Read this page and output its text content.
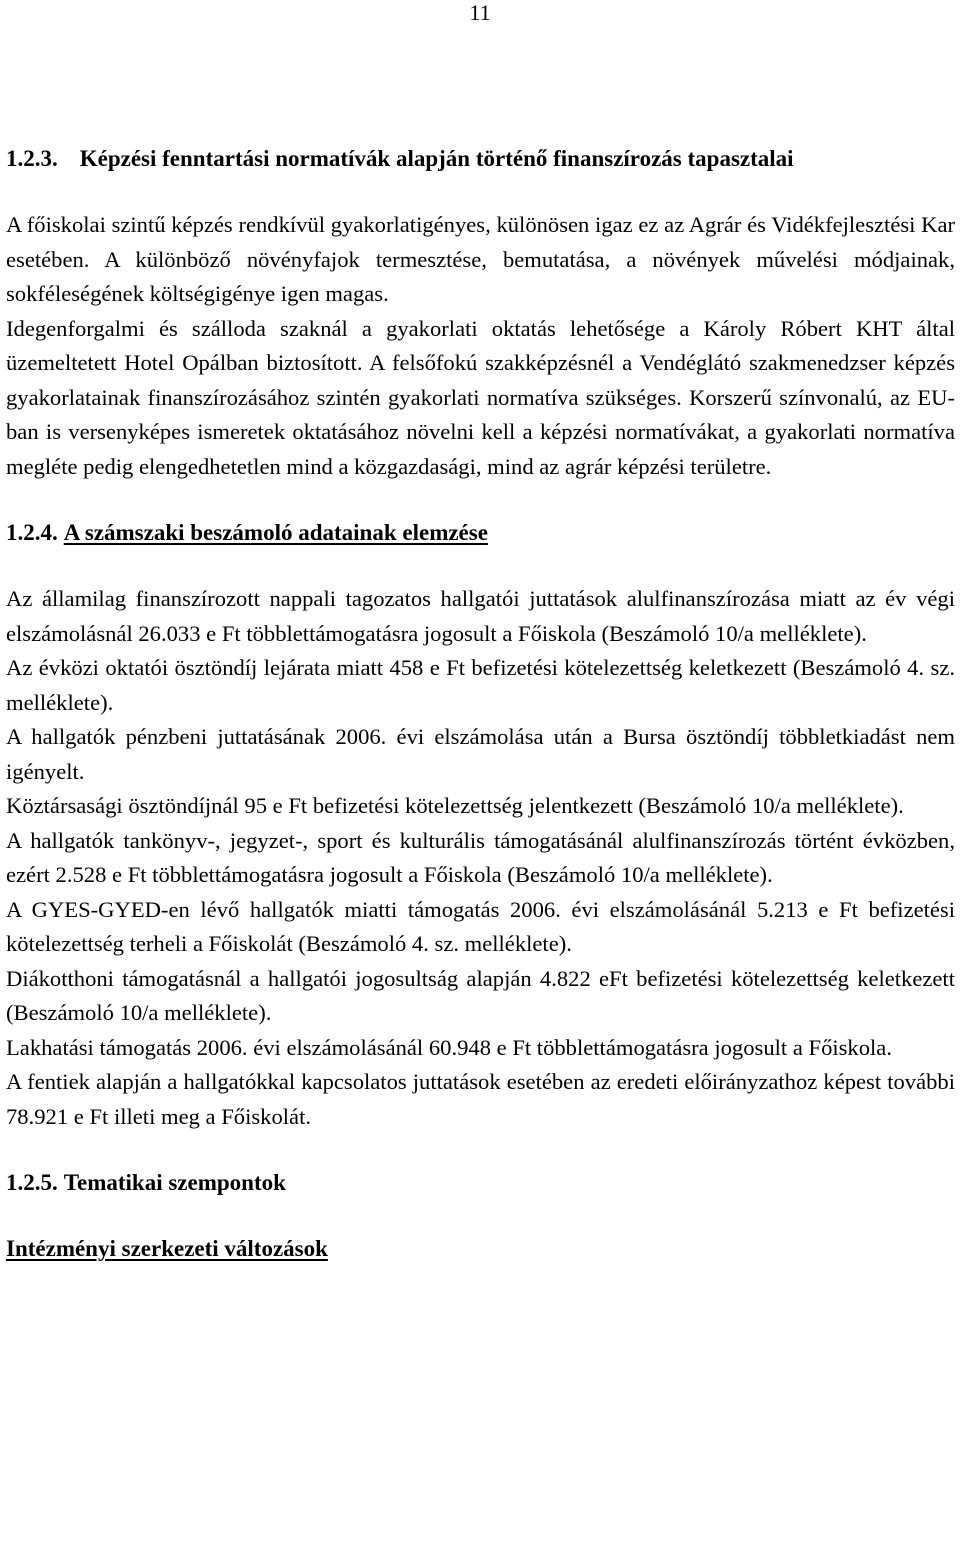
11
1.2.3. Képzési fenntartási normatívák alapján történő finanszírozás tapasztalai

A főiskolai szintű képzés rendkívül gyakorlatigényes, különösen igaz ez az Agrár és Vidékfejlesztési Kar esetében. A különböző növényfajok termesztése, bemutatása, a növények művelési módjainak, sokféleségének költségigénye igen magas.

Idegenforgalmi és szálloda szaknál a gyakorlati oktatás lehetősége a Károly Róbert KHT által üzemeltetett Hotel Opálban biztosított. A felsőfokú szakképzésnél a Vendéglátó szakmenedzser képzés gyakorlatainak finanszírozásához szintén gyakorlati normatíva szükséges. Korszerű színvonalú, az EU-ban is versenyképes ismeretek oktatásához növelni kell a képzési normatívákat, a gyakorlati normatíva megléte pedig elengedhetetlen mind a közgazdasági, mind az agrár képzési területre.

1.2.4. A számszaki beszámoló adatainak elemzése

Az államilag finanszírozott nappali tagozatos hallgatói juttatások alulfinanszírozása miatt az év végi elszámolásnál 26.033 e Ft többlettámogatásra jogosult a Főiskola (Beszámoló 10/a melléklete).

Az évközi oktatói ösztöndíj lejárata miatt 458 e Ft befizetési kötelezettség keletkezett (Beszámoló 4. sz. melléklete).

A hallgatók pénzbeni juttatásának 2006. évi elszámolása után a Bursa ösztöndíj többletkiadást nem igényelt.

Köztársasági ösztöndíjnál 95 e Ft befizetési kötelezettség jelentkezett (Beszámoló 10/a melléklete).

A hallgatók tankönyv-, jegyzet-, sport és kulturális támogatásánál alulfinanszírozás történt évközben, ezért 2.528 e Ft többlettámogatásra jogosult a Főiskola (Beszámoló 10/a melléklete).

A GYES-GYED-en lévő hallgatók miatti támogatás 2006. évi elszámolásánál 5.213 e Ft befizetési kötelezettség terheli a Főiskolát (Beszámoló 4. sz. melléklete).

Diákotthoni támogatásnál a hallgatói jogosultság alapján 4.822 eFt befizetési kötelezettség keletkezett (Beszámoló 10/a melléklete).

Lakhatási támogatás 2006. évi elszámolásánál 60.948 e Ft többlettámogatásra jogosult a Főiskola.

A fentiek alapján a hallgatókkal kapcsolatos juttatások esetében az eredeti előirányzathoz képest további 78.921 e Ft illeti meg a Főiskolát.

1.2.5. Tematikai szempontok
Intézményi szerkezeti változások
